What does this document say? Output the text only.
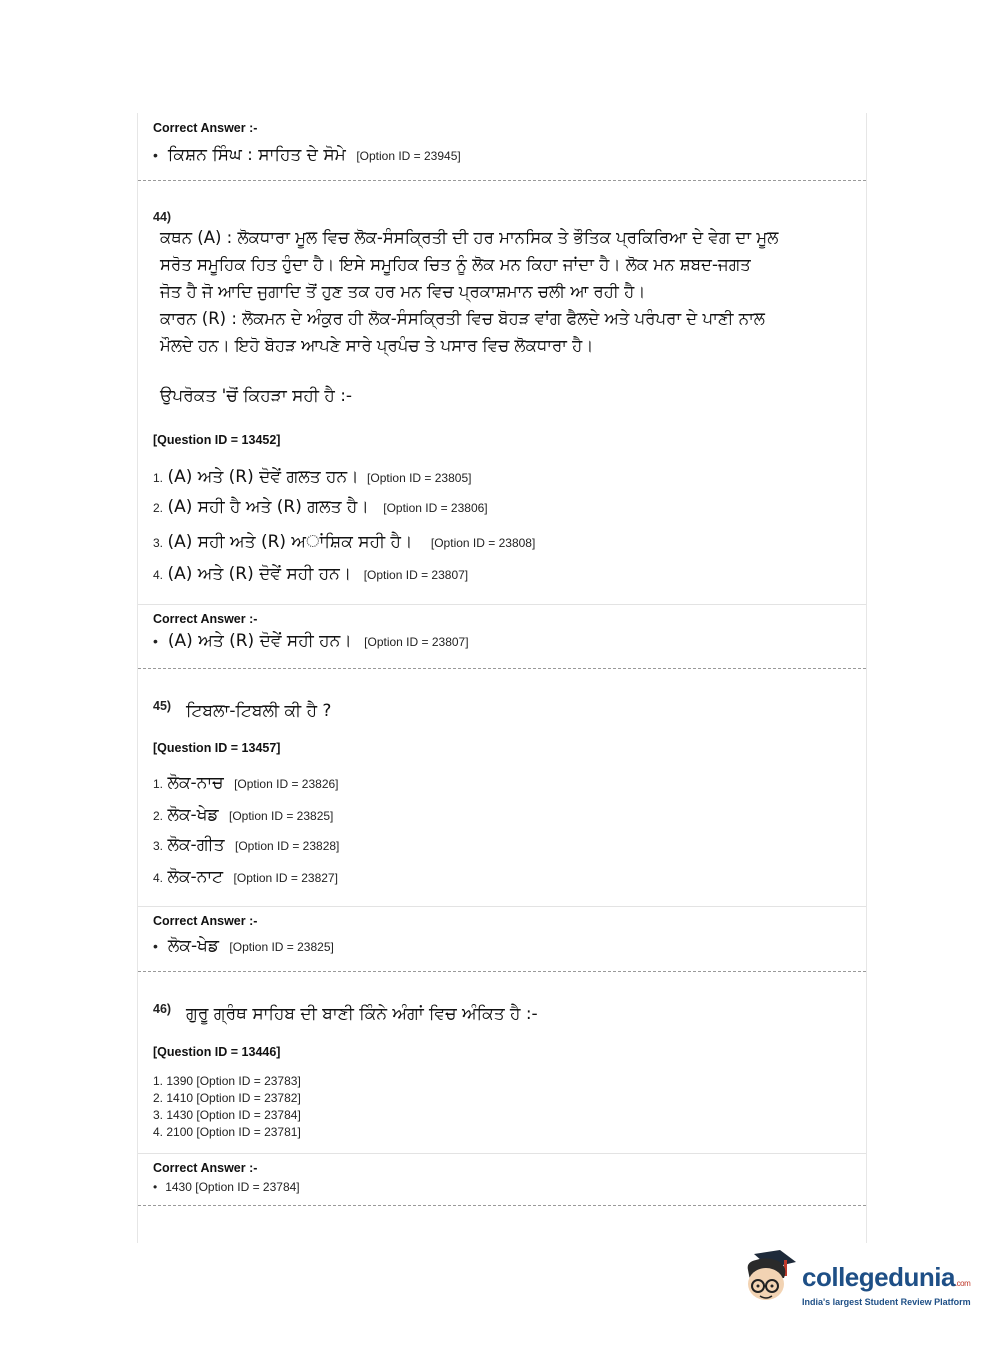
Correct Answer :-
• ਕਿਸ਼ਨ ਸਿੰਘ : ਸਾਹਿਤ ਦੇ ਸੋਮੇ [Option ID = 23945]
44)
ਕਥਨ (A) : ਲੋਕਧਾਰਾ ਮੂਲ ਵਿਚ ਲੋਕ-ਸੰਸਕ੍ਰਿਤੀ ਦੀ ਹਰ ਮਾਨਸਿਕ ਤੇ ਭੌਤਿਕ ਪ੍ਰਕਿਰਿਆ ਦੇ ਵੇਗ ਦਾ ਮੂਲ
ਸਰੋਤ ਸਮੂਹਿਕ ਹਿਤ ਹੁੰਦਾ ਹੈ। ਇਸੇ ਸਮੂਹਿਕ ਚਿਤ ਨੂੰ ਲੋਕ ਮਨ ਕਿਹਾ ਜਾਂਦਾ ਹੈ। ਲੋਕ ਮਨ ਸ਼ਬਦ-ਜਗਤ
ਜੋਤ ਹੈ ਜੋ ਆਦਿ ਜੁਗਾਦਿ ਤੋਂ ਹੁਣ ਤਕ ਹਰ ਮਨ ਵਿਚ ਪ੍ਰਕਾਸ਼ਮਾਨ ਚਲੀ ਆ ਰਹੀ ਹੈ।
ਕਾਰਨ (R) : ਲੋਕਮਨ ਦੇ ਅੰਕੁਰ ਹੀ ਲੋਕ-ਸੰਸਕ੍ਰਿਤੀ ਵਿਚ ਬੋਹੜ ਵਾਂਗ ਫੈਲਦੇ ਅਤੇ ਪਰੰਪਰਾ ਦੇ ਪਾਣੀ ਨਾਲ
ਮੌਲਦੇ ਹਨ। ਇਹੋ ਬੋਹੜ ਆਪਣੇ ਸਾਰੇ ਪ੍ਰਪੰਚ ਤੇ ਪਸਾਰ ਵਿਚ ਲੋਕਧਾਰਾ ਹੈ।
ਉਪਰੋਕਤ 'ਚੋਂ ਕਿਹੜਾ ਸਹੀ ਹੈ :-
[Question ID = 13452]
1. (A) ਅਤੇ (R) ਦੋਵੇਂ ਗਲਤ ਹਨ। [Option ID = 23805]
2. (A) ਸਹੀ ਹੈ ਅਤੇ (R) ਗਲਤ ਹੈ। [Option ID = 23806]
3. (A) ਸਹੀ ਅਤੇ (R) ਅਾਂਸ਼ਿਕ ਸਹੀ ਹੈ। [Option ID = 23808]
4. (A) ਅਤੇ (R) ਦੋਵੇਂ ਸਹੀ ਹਨ। [Option ID = 23807]
Correct Answer :-
• (A) ਅਤੇ (R) ਦੋਵੇਂ ਸਹੀ ਹਨ। [Option ID = 23807]
45) ਟਿਬਲਾ-ਟਿਬਲੀ ਕੀ ਹੈ ?
[Question ID = 13457]
1. ਲੋਕ-ਨਾਚ [Option ID = 23826]
2. ਲੋਕ-ਖੇਡ [Option ID = 23825]
3. ਲੋਕ-ਗੀਤ [Option ID = 23828]
4. ਲੋਕ-ਨਾਟ [Option ID = 23827]
Correct Answer :-
• ਲੋਕ-ਖੇਡ [Option ID = 23825]
46) ਗੁਰੂ ਗ੍ਰੰਥ ਸਾਹਿਬ ਦੀ ਬਾਣੀ ਕਿੰਨੇ ਅੰਗਾਂ ਵਿਚ ਅੰਕਿਤ ਹੈ :-
[Question ID = 13446]
1. 1390 [Option ID = 23783]
2. 1410 [Option ID = 23782]
3. 1430 [Option ID = 23784]
4. 2100 [Option ID = 23781]
Correct Answer :-
• 1430 [Option ID = 23784]
collegedunia.com
India's largest Student Review Platform
